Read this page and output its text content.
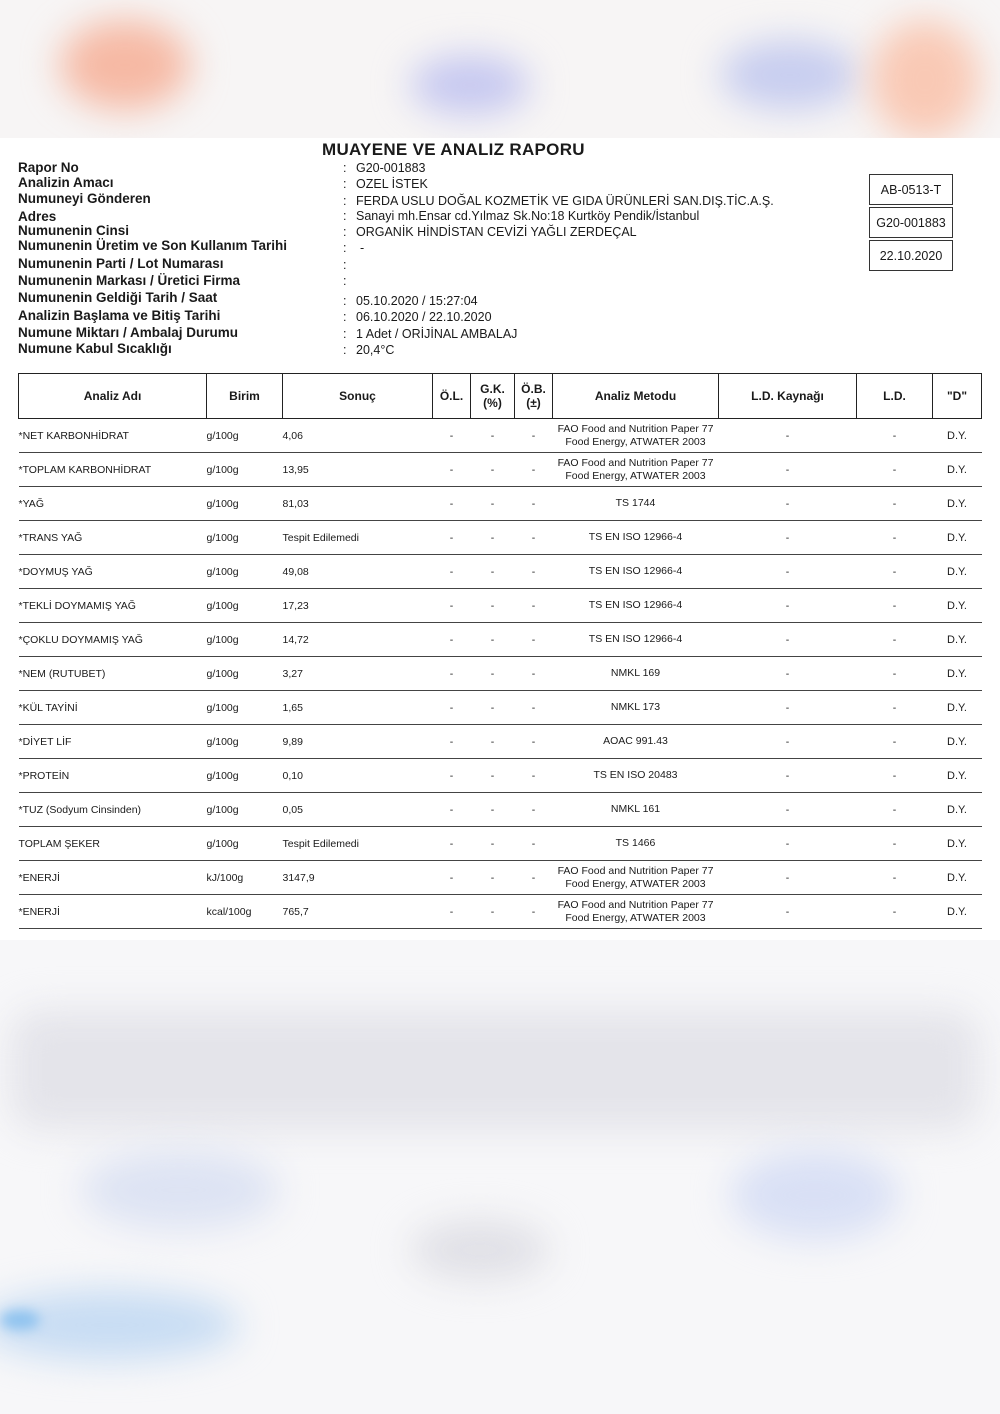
MUAYENE VE ANALIZ RAPORU
Rapor No	: G20-001883
Analizin Amacı	: OZEL İSTEK
Numuneyi Gönderen	: FERDA USLU DOĞAL KOZMETİK VE GIDA ÜRÜNLERİ SAN.DIŞ.TİC.A.Ş.
Adres	: Sanayi mh.Ensar cd.Yılmaz Sk.No:18 Kurtköy Pendik/İstanbul
Numunenin Cinsi	: ORGANİK HİNDİSTAN CEVİZİ YAĞLI ZERDEÇAL
Numunenin Üretim ve Son Kullanım Tarihi	: -
Numunenin Parti / Lot Numarası	:
Numunenin Markası / Üretici Firma	:
Numunenin Geldiği Tarih / Saat	: 05.10.2020 / 15:27:04
Analizin Başlama ve Bitiş Tarihi	: 06.10.2020 / 22.10.2020
Numune Miktarı / Ambalaj Durumu	: 1 Adet / ORİJİNAL AMBALAJ
Numune Kabul Sıcaklığı	: 20,4°C
AB-0513-T
G20-001883
22.10.2020
Analiz Adı	Birim	Sonuç	Ö.L.	G.K.
(%)	Ö.B.
(±)	Analiz Metodu	L.D. Kaynağı	L.D.	"D"
*NET KARBONHİDRAT	g/100g	4,06	-	-	-	FAO Food and Nutrition Paper 77
Food Energy, ATWATER 2003	-	-	D.Y.
*TOPLAM KARBONHİDRAT	g/100g	13,95	-	-	-	FAO Food and Nutrition Paper 77
Food Energy, ATWATER 2003	-	-	D.Y.
*YAĞ	g/100g	81,03	-	-	-	TS 1744	-	-	D.Y.
*TRANS YAĞ	g/100g	Tespit Edilemedi	-	-	-	TS EN ISO 12966-4	-	-	D.Y.
*DOYMUŞ YAĞ	g/100g	49,08	-	-	-	TS EN ISO 12966-4	-	-	D.Y.
*TEKLİ DOYMAMIŞ YAĞ	g/100g	17,23	-	-	-	TS EN ISO 12966-4	-	-	D.Y.
*ÇOKLU DOYMAMIŞ YAĞ	g/100g	14,72	-	-	-	TS EN ISO 12966-4	-	-	D.Y.
*NEM (RUTUBET)	g/100g	3,27	-	-	-	NMKL 169	-	-	D.Y.
*KÜL TAYİNİ	g/100g	1,65	-	-	-	NMKL 173	-	-	D.Y.
*DİYET LİF	g/100g	9,89	-	-	-	AOAC 991.43	-	-	D.Y.
*PROTEİN	g/100g	0,10	-	-	-	TS EN ISO 20483	-	-	D.Y.
*TUZ (Sodyum Cinsinden)	g/100g	0,05	-	-	-	NMKL 161	-	-	D.Y.
TOPLAM ŞEKER	g/100g	Tespit Edilemedi	-	-	-	TS 1466	-	-	D.Y.
*ENERJİ	kJ/100g	3147,9	-	-	-	FAO Food and Nutrition Paper 77
Food Energy, ATWATER 2003	-	-	D.Y.
*ENERJİ	kcal/100g	765,7	-	-	-	FAO Food and Nutrition Paper 77
Food Energy, ATWATER 2003	-	-	D.Y.
